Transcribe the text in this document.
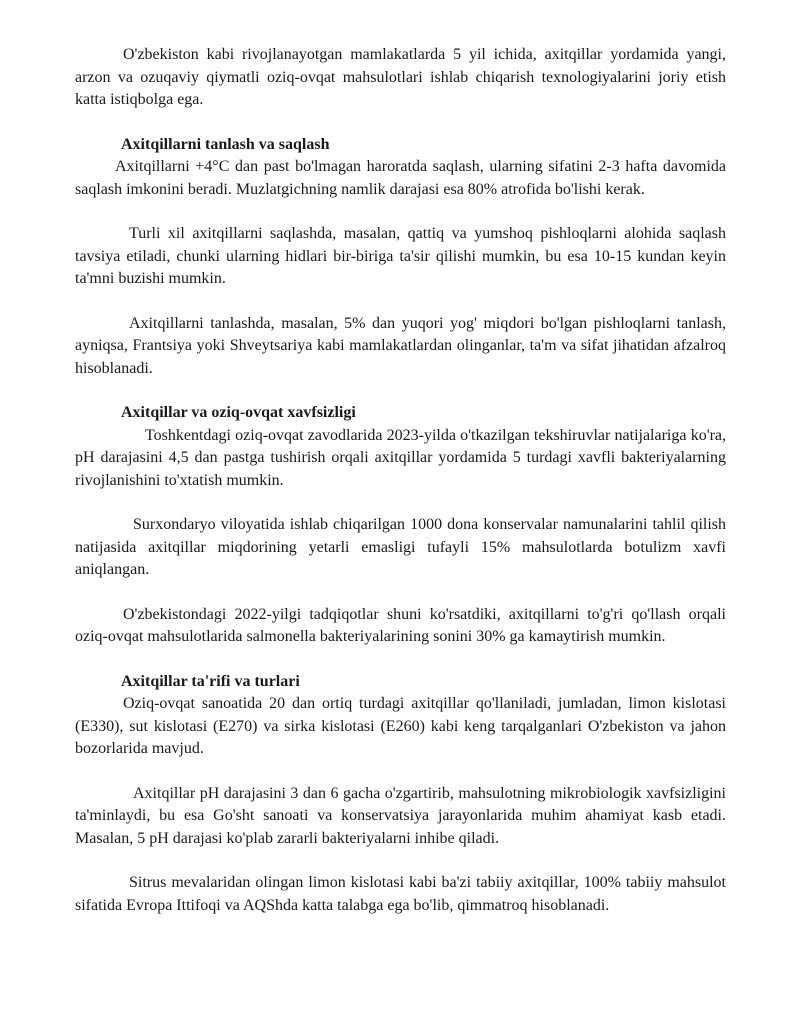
O'zbekiston kabi rivojlanayotgan mamlakatlarda 5 yil ichida, axitqillar yordamida yangi, arzon va ozuqaviy qiymatli oziq-ovqat mahsulotlari ishlab chiqarish texnologiyalarini joriy etish katta istiqbolga ega.

Axitqillarni tanlash va saqlash

Axitqillarni +4°C dan past bo'lmagan haroratda saqlash, ularning sifatini 2-3 hafta davomida saqlash imkonini beradi. Muzlatgichning namlik darajasi esa 80% atrofida bo'lishi kerak.

Turli xil axitqillarni saqlashda, masalan, qattiq va yumshoq pishloqlarni alohida saqlash tavsiya etiladi, chunki ularning hidlari bir-biriga ta'sir qilishi mumkin, bu esa 10-15 kundan keyin ta'mni buzishi mumkin.

Axitqillarni tanlashda, masalan, 5% dan yuqori yog' miqdori bo'lgan pishloqlarni tanlash, ayniqsa, Frantsiya yoki Shveytsariya kabi mamlakatlardan olinganlar, ta'm va sifat jihatidan afzalroq hisoblanadi.

Axitqillar va oziq-ovqat xavfsizligi

Toshkentdagi oziq-ovqat zavodlarida 2023-yilda o'tkazilgan tekshiruvlar natijalariga ko'ra, pH darajasini 4,5 dan pastga tushirish orqali axitqillar yordamida 5 turdagi xavfli bakteriyalarning rivojlanishini to'xtatish mumkin.

Surxondaryo viloyatida ishlab chiqarilgan 1000 dona konservalar namunalarini tahlil qilish natijasida axitqillar miqdorining yetarli emasligi tufayli 15% mahsulotlarda botulizm xavfi aniqlangan.

O'zbekistondagi 2022-yilgi tadqiqotlar shuni ko'rsatdiki, axitqillarni to'g'ri qo'llash orqali oziq-ovqat mahsulotlarida salmonella bakteriyalarining sonini 30% ga kamaytirish mumkin.

Axitqillar ta'rifi va turlari

Oziq-ovqat sanoatida 20 dan ortiq turdagi axitqillar qo'llaniladi, jumladan, limon kislotasi (E330), sut kislotasi (E270) va sirka kislotasi (E260) kabi keng tarqalganlari O'zbekiston va jahon bozorlarida mavjud.

Axitqillar pH darajasini 3 dan 6 gacha o'zgartirib, mahsulotning mikrobiologik xavfsizligini ta'minlaydi, bu esa Go'sht sanoati va konservatsiya jarayonlarida muhim ahamiyat kasb etadi. Masalan, 5 pH darajasi ko'plab zararli bakteriyalarni inhibe qiladi.

Sitrus mevalaridan olingan limon kislotasi kabi ba'zi tabiiy axitqillar, 100% tabiiy mahsulot sifatida Evropa Ittifoqi va AQShda katta talabga ega bo'lib, qimmatroq hisoblanadi.
